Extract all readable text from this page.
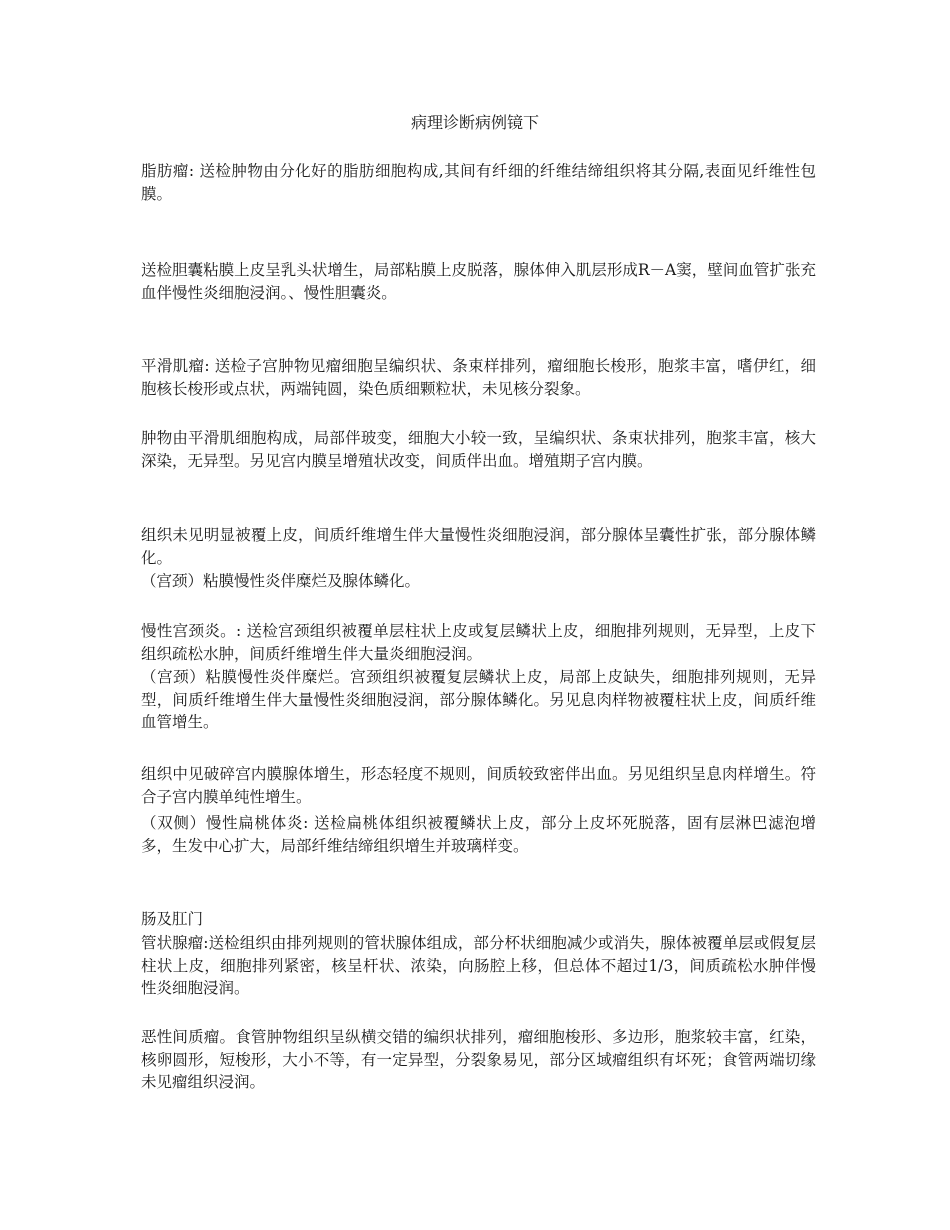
病理诊断病例镜下

脂肪瘤: 送检肿物由分化好的脂肪细胞构成,其间有纤细的纤维结缔组织将其分隔,表面见纤维性包膜。

送检胆囊粘膜上皮呈乳头状增生，局部粘膜上皮脱落，腺体伸入肌层形成R－A窦，壁间血管扩张充血伴慢性炎细胞浸润。、慢性胆囊炎。

平滑肌瘤: 送检子宫肿物见瘤细胞呈编织状、条束样排列，瘤细胞长梭形，胞浆丰富，嗜伊红，细胞核长梭形或点状，两端钝圆，染色质细颗粒状，未见核分裂象。

肿物由平滑肌细胞构成，局部伴玻变，细胞大小较一致，呈编织状、条束状排列，胞浆丰富，核大深染，无异型。另见宫内膜呈增殖状改变，间质伴出血。增殖期子宫内膜。

组织未见明显被覆上皮，间质纤维增生伴大量慢性炎细胞浸润，部分腺体呈囊性扩张，部分腺体鳞化。

（宫颈）粘膜慢性炎伴糜烂及腺体鳞化。

慢性宫颈炎。: 送检宫颈组织被覆单层柱状上皮或复层鳞状上皮，细胞排列规则，无异型，上皮下组织疏松水肿，间质纤维增生伴大量炎细胞浸润。

（宫颈）粘膜慢性炎伴糜烂。宫颈组织被覆复层鳞状上皮，局部上皮缺失，细胞排列规则，无异型，间质纤维增生伴大量慢性炎细胞浸润，部分腺体鳞化。另见息肉样物被覆柱状上皮，间质纤维血管增生。

组织中见破碎宫内膜腺体增生，形态轻度不规则，间质较致密伴出血。另见组织呈息肉样增生。符合子宫内膜单纯性增生。

（双侧）慢性扁桃体炎: 送检扁桃体组织被覆鳞状上皮，部分上皮坏死脱落，固有层淋巴滤泡增多，生发中心扩大，局部纤维结缔组织增生并玻璃样变。

肠及肛门

管状腺瘤:送检组织由排列规则的管状腺体组成，部分杯状细胞减少或消失，腺体被覆单层或假复层柱状上皮，细胞排列紧密，核呈杆状、浓染，向肠腔上移，但总体不超过1/3，间质疏松水肿伴慢性炎细胞浸润。

恶性间质瘤。食管肿物组织呈纵横交错的编织状排列，瘤细胞梭形、多边形，胞浆较丰富，红染，核卵圆形，短梭形，大小不等，有一定异型，分裂象易见，部分区域瘤组织有坏死；食管两端切缘未见瘤组织浸润。
